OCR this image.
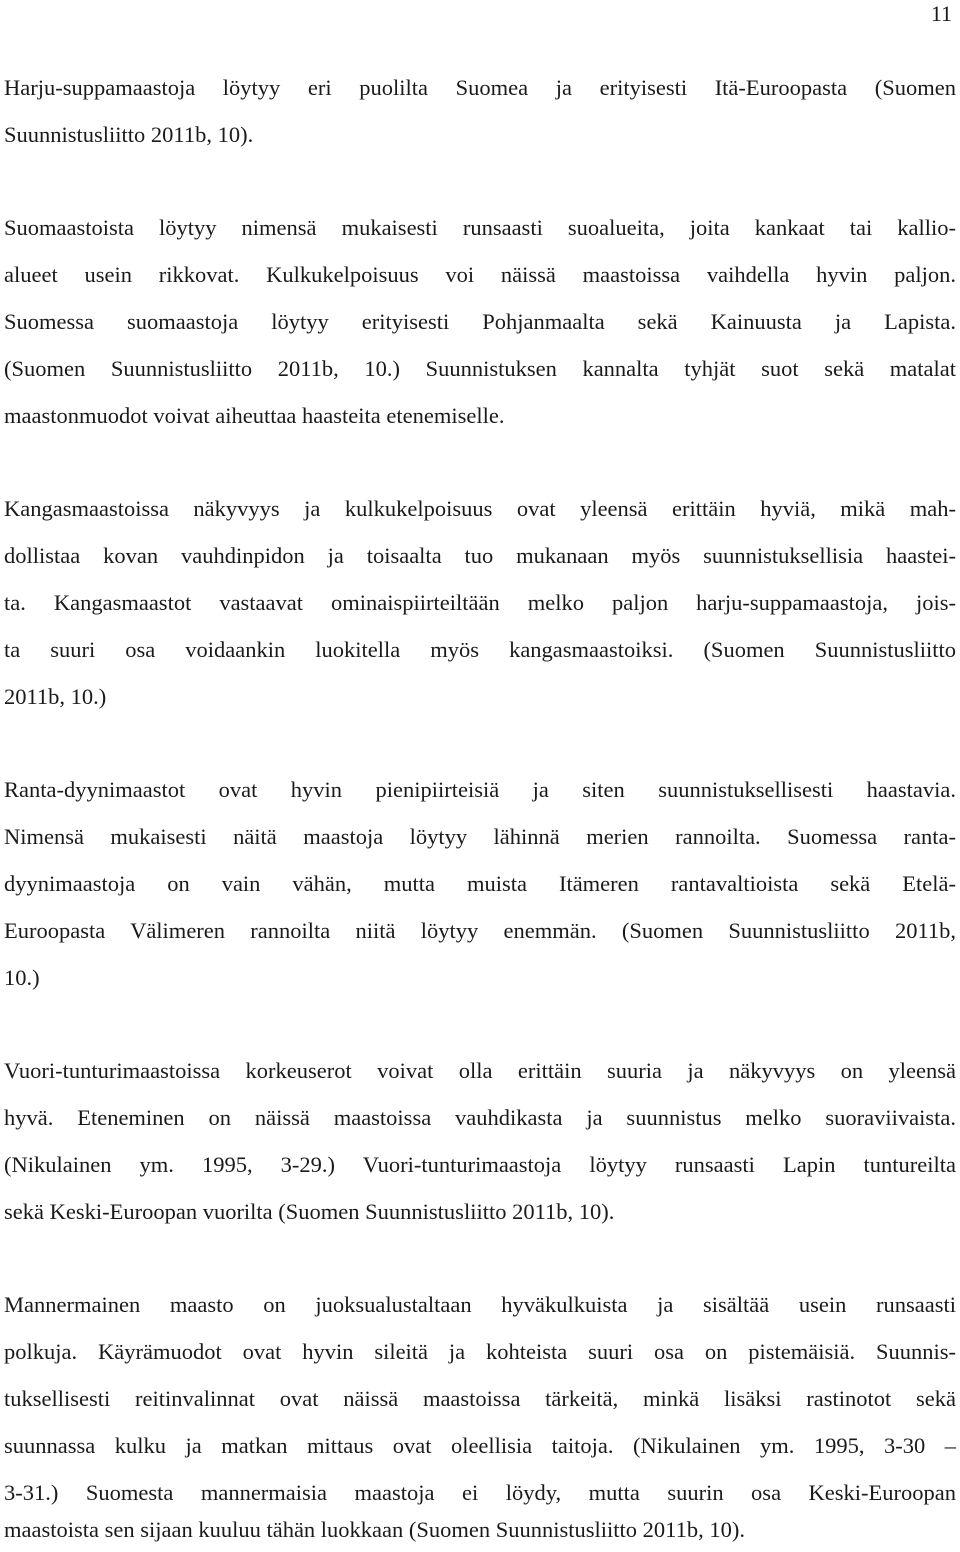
11
Harju-suppamaastoja löytyy eri puolilta Suomea ja erityisesti Itä-Euroopasta (Suomen
Suunnistusliitto 2011b, 10).
Suomaastoista löytyy nimensä mukaisesti runsaasti suoalueita, joita kankaat tai kallio-
alueet usein rikkovat. Kulkukelpoisuus voi näissä maastoissa vaihdella hyvin paljon.
Suomessa suomaastoja löytyy erityisesti Pohjanmaalta sekä Kainuusta ja Lapista.
(Suomen Suunnistusliitto 2011b, 10.) Suunnistuksen kannalta tyhjät suot sekä matalat
maastonmuodot voivat aiheuttaa haasteita etenemiselle.
Kangasmaastoissa näkyvyys ja kulkukelpoisuus ovat yleensä erittäin hyviä, mikä mah-
dollistaa kovan vauhdinpidon ja toisaalta tuo mukanaan myös suunnistuksellisia haastei-
ta. Kangasmaastot vastaavat ominaispiirteiltään melko paljon harju-suppamaastoja, jois-
ta suuri osa voidaankin luokitella myös kangasmaastoiksi. (Suomen Suunnistusliitto
2011b, 10.)
Ranta-dyynimaastot ovat hyvin pienipiirteisiä ja siten suunnistuksellisesti haastavia.
Nimensä mukaisesti näitä maastoja löytyy lähinnä merien rannoilta. Suomessa ranta-
dyynimaastoja on vain vähän, mutta muista Itämeren rantavaltioista sekä Etelä-
Euroopasta Välimeren rannoilta niitä löytyy enemmän. (Suomen Suunnistusliitto 2011b,
10.)
Vuori-tunturimaastoissa korkeuserot voivat olla erittäin suuria ja näkyvyys on yleensä
hyvä. Eteneminen on näissä maastoissa vauhdikasta ja suunnistus melko suoraviivaista.
(Nikulainen ym. 1995, 3-29.) Vuori-tunturimaastoja löytyy runsaasti Lapin tuntureilta
sekä Keski-Euroopan vuorilta (Suomen Suunnistusliitto 2011b, 10).
Mannermainen maasto on juoksualustaltaan hyväkulkuista ja sisältää usein runsaasti
polkuja. Käyrämuodot ovat hyvin sileitä ja kohteista suuri osa on pistemäisiä. Suunnis-
tuksellisesti reitinvalinnat ovat näissä maastoissa tärkeitä, minkä lisäksi rastinotot sekä
suunnassa kulku ja matkan mittaus ovat oleellisia taitoja. (Nikulainen ym. 1995, 3-30 –
3-31.) Suomesta mannermaisia maastoja ei löydy, mutta suurin osa Keski-Euroopan
maastoista sen sijaan kuuluu tähän luokkaan (Suomen Suunnistusliitto 2011b, 10).
